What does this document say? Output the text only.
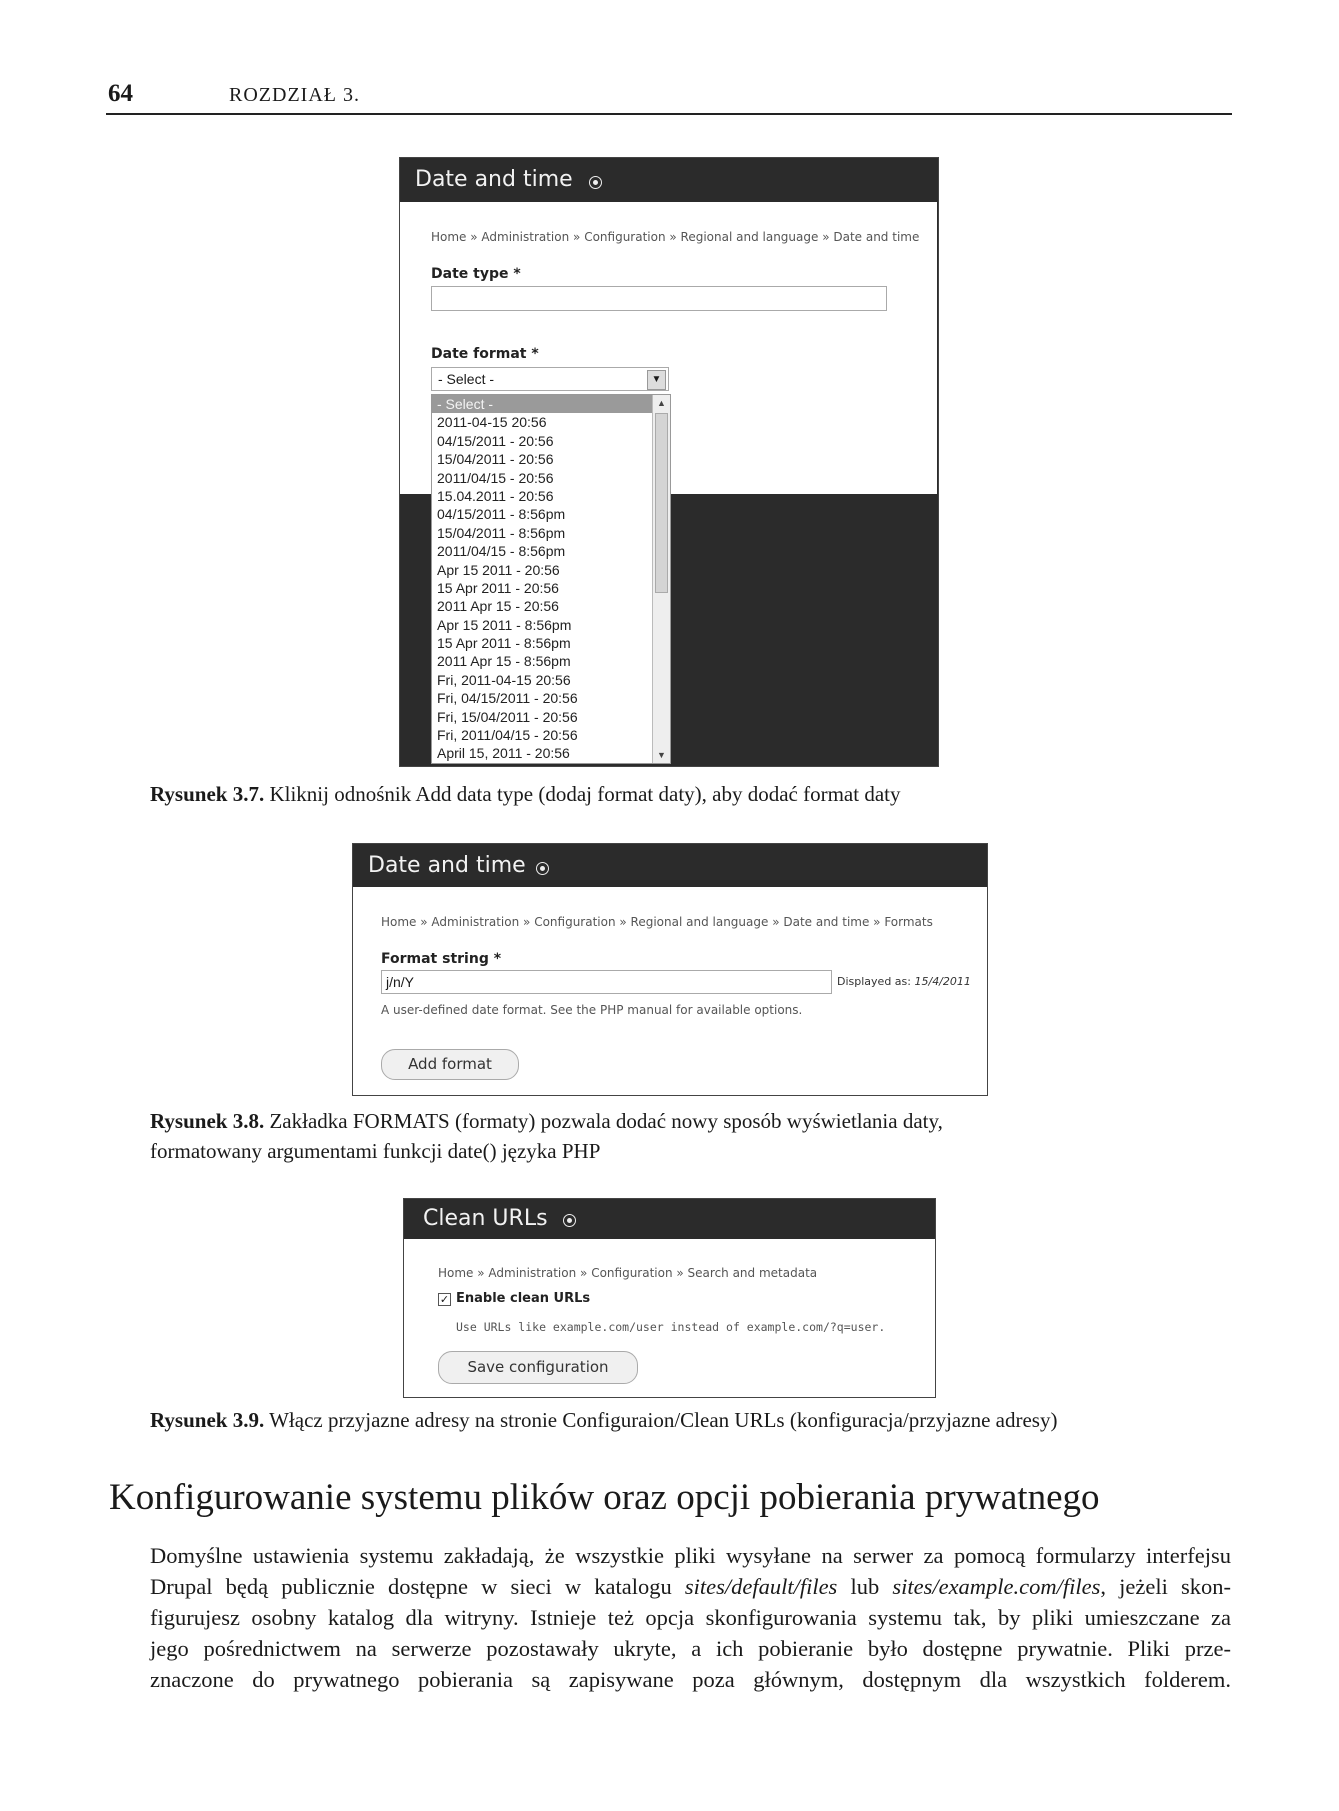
64	ROZDZIAŁ 3.
Date and time
Home » Administration » Configuration » Regional and language » Date and time
Date type *
Date format *
- Select -	▼
- Select -
2011-04-15 20:56
04/15/2011 - 20:56
15/04/2011 - 20:56
2011/04/15 - 20:56
15.04.2011 - 20:56
04/15/2011 - 8:56pm
15/04/2011 - 8:56pm
2011/04/15 - 8:56pm
Apr 15 2011 - 20:56
15 Apr 2011 - 20:56
2011 Apr 15 - 20:56
Apr 15 2011 - 8:56pm
15 Apr 2011 - 8:56pm
2011 Apr 15 - 8:56pm
Fri, 2011-04-15 20:56
Fri, 04/15/2011 - 20:56
Fri, 15/04/2011 - 20:56
Fri, 2011/04/15 - 20:56
April 15, 2011 - 20:56
▲
▼
Rysunek 3.7. Kliknij odnośnik Add data type (dodaj format daty), aby dodać format daty
Date and time
Home » Administration » Configuration » Regional and language » Date and time » Formats
Format string *
j/n/Y	Displayed as: 15/4/2011
A user-defined date format. See the PHP manual for available options.
Add format
Rysunek 3.8. Zakładka FORMATS (formaty) pozwala dodać nowy sposób wyświetlania daty,
formatowany argumentami funkcji date() języka PHP
Clean URLs
Home » Administration » Configuration » Search and metadata
✓ Enable clean URLs
Use URLs like example.com/user instead of example.com/?q=user.
Save configuration
Rysunek 3.9. Włącz przyjazne adresy na stronie Configuraion/Clean URLs (konfiguracja/przyjazne adresy)
Konfigurowanie systemu plików oraz opcji pobierania prywatnego
Domyślne ustawienia systemu zakładają, że wszystkie pliki wysyłane na serwer za pomocą formularzy interfejsu
Drupal będą publicznie dostępne w sieci w katalogu sites/default/files lub sites/example.com/files, jeżeli skon-
figurujesz osobny katalog dla witryny. Istnieje też opcja skonfigurowania systemu tak, by pliki umieszczane za
jego pośrednictwem na serwerze pozostawały ukryte, a ich pobieranie było dostępne prywatnie. Pliki prze-
znaczone do prywatnego pobierania są zapisywane poza głównym, dostępnym dla wszystkich folderem.
